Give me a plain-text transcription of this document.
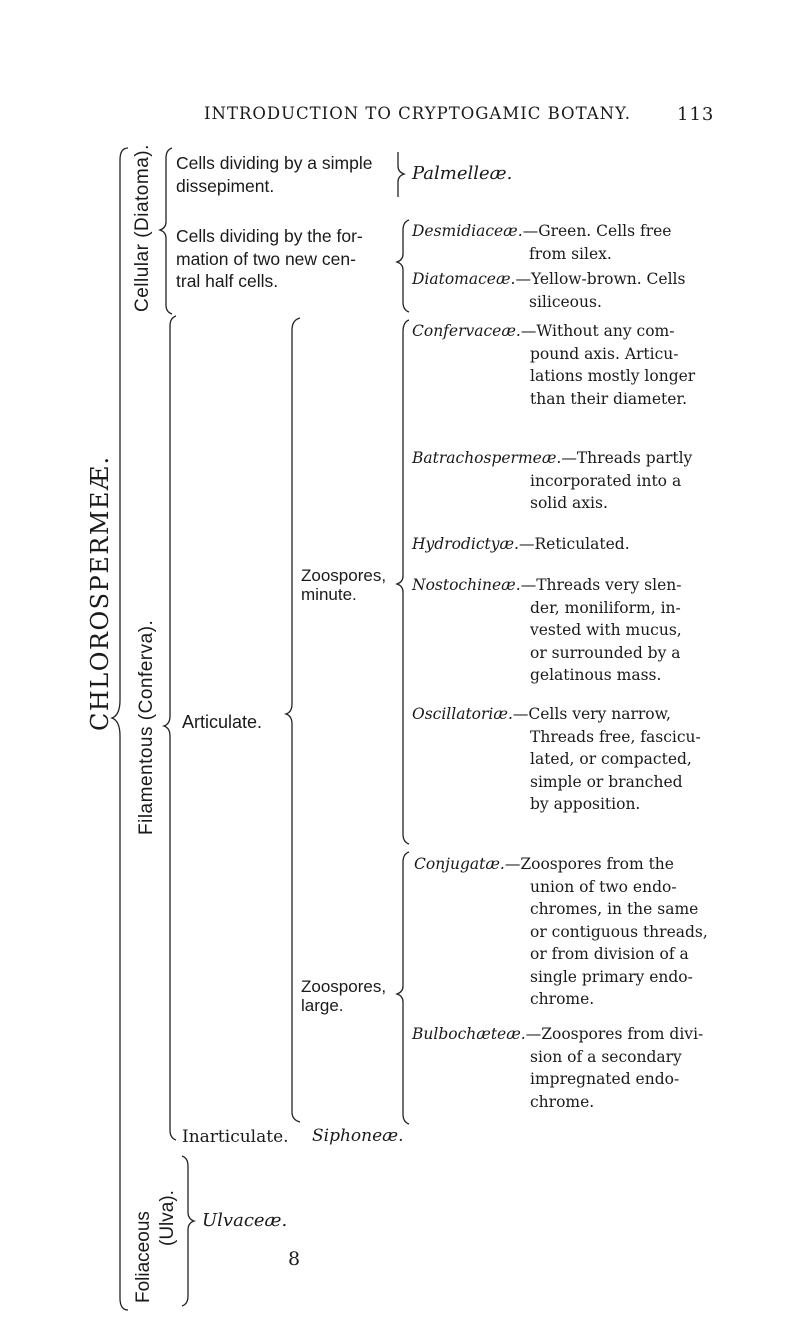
INTRODUCTION TO CRYPTOGAMIC BOTANY.	113
CHLOROSPERMEÆ.
Cellular (Diatoma).
Filamentous (Conferva).
Foliaceous (Ulva).
Cells dividing by a simple
dissepiment.
Cells dividing by the for-
mation of two new cen-
tral half cells.
Palmelleæ.
Desmidiaceæ.—Green. Cells free
from silex.
Diatomaceæ.—Yellow-brown. Cells
siliceous.
Articulate.
Inarticulate. Siphoneæ.
Zoospores,
minute.
Zoospores,
large.
Confervaceæ.—Without any com-
pound axis. Articu-
lations mostly longer
than their diameter.
Batrachospermeæ.—Threads partly
incorporated into a
solid axis.
Hydrodictyæ.—Reticulated.
Nostochineæ.—Threads very slen-
der, moniliform, in-
vested with mucus,
or surrounded by a
gelatinous mass.
Oscillatoriæ.—Cells very narrow,
Threads free, fascicu-
lated, or compacted,
simple or branched
by apposition.
Conjugatæ.—Zoospores from the
union of two endo-
chromes, in the same
or contiguous threads,
or from division of a
single primary endo-
chrome.
Bulbochæteæ.—Zoospores from divi-
sion of a secondary
impregnated endo-
chrome.
Ulvaceæ.
8
